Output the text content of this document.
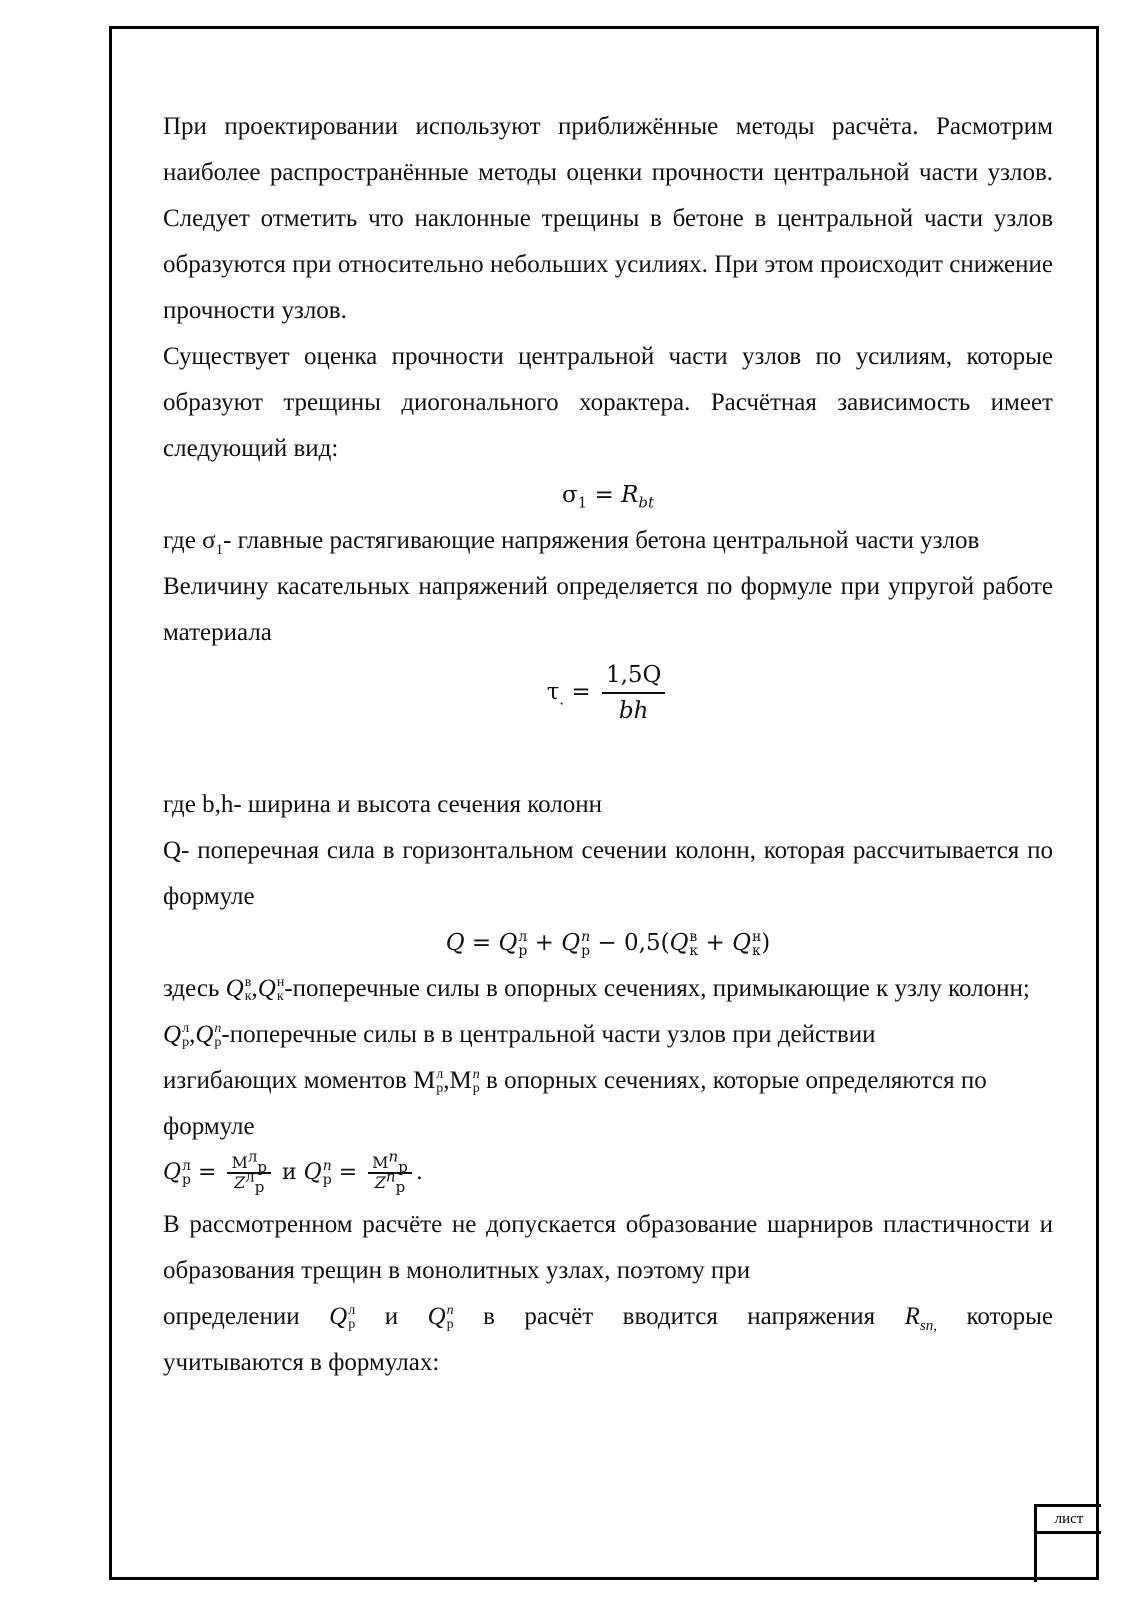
лист

При проектировании используют приближённые методы расчёта. Расмотрим наиболее распространённые методы оценки прочности центральной части узлов. Следует отметить что наклонные трещины в бетоне в центральной части узлов образуются при относительно небольших усилиях. При этом происходит снижение прочности узлов.

Существует оценка прочности центральной части узлов по усилиям, которые образуют трещины диогонального хорактера. Расчётная зависимость имеет следующий вид:

$\sigma_1 = R_{bt}$

где $\sigma_1-$ главные растягивающие напряжения бетона центральной части узлов

Величину касательных напряжений определяется по формуле при упругой работе материала

$\tau_. = \frac{1,5Q}{bh}$

где b,h- ширина и высота сечения колонн

Q- поперечная сила в горизонтальном сечении колонн, которая рассчитывается по формуле

Q = Q л
р + Q n
р − 0,5(Q в
к + Q н
к )

здесь Q в
к ,Q н
к -поперечные силы в опорных сечениях, примыкающие к узлу колонн;

Q л
р ,Q n
р -поперечные силы в в центральной части узлов при действии

изгибающих моментов М л
р ,М n
р в опорных сечениях, которые определяются по

формуле

Q л
$р = \frac{М^л_р}{Z^л_р}$ и Q n
$р = \frac{М^n_р}{Z^n_р}$ .

В рассмотренном расчёте не допускается образование шарниров пластичности и образования трещин в монолитных узлах, поэтому при

определении Q л
р и Q n
р в расчёт вводится напряжения $R_{sn,}$ которые

учитываются в формулах:
